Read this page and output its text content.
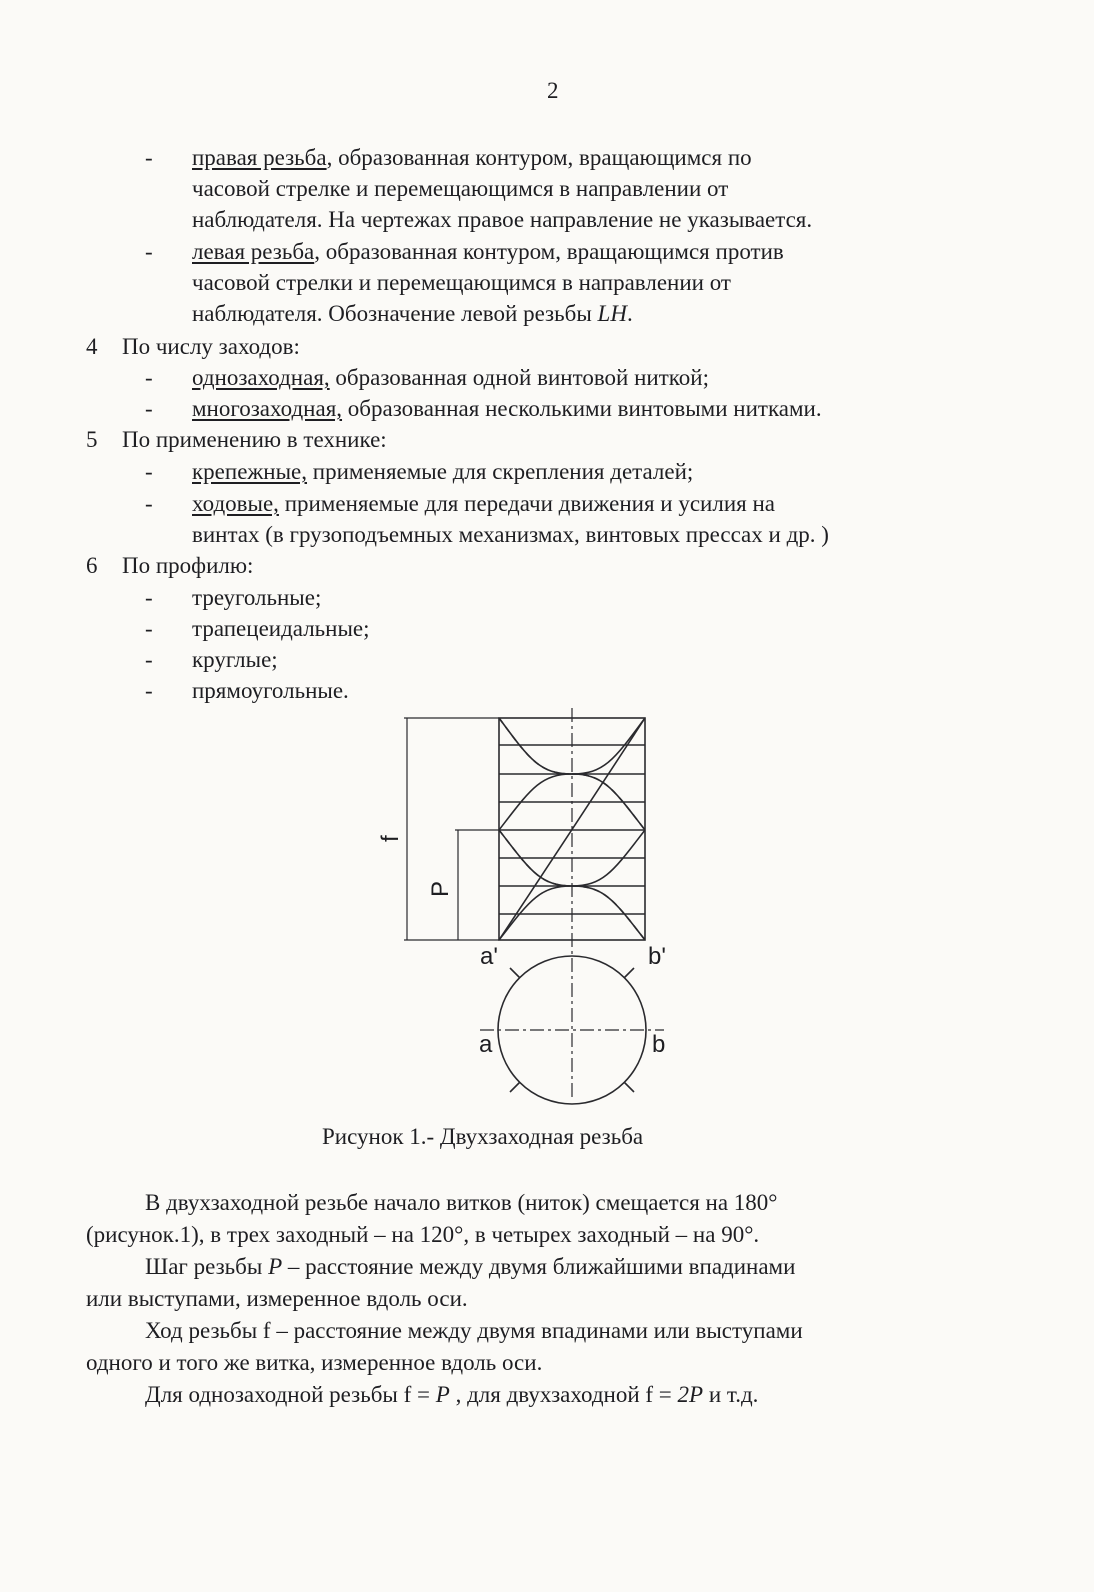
2
- правая резьба, образованная контуром, вращающимся по
часовой стрелке и перемещающимся в направлении от
наблюдателя. На чертежах правое направление не указывается.
- левая резьба, образованная контуром, вращающимся против
часовой стрелки и перемещающимся в направлении от
наблюдателя. Обозначение левой резьбы LH.
4 По числу заходов:
- однозаходная, образованная одной винтовой ниткой;
- многозаходная, образованная несколькими винтовыми нитками.
5 По применению в технике:
- крепежные, применяемые для скрепления деталей;
- ходовые, применяемые для передачи движения и усилия на
винтах (в грузоподъемных механизмах, винтовых прессах и др. )
6 По профилю:
- треугольные;
- трапецеидальные;
- круглые;
- прямоугольные.
f
P
a'	b'
a	b
Рисунок 1.- Двухзаходная резьба
В двухзаходной резьбе начало витков (ниток) смещается на 180°
(рисунок.1), в трех заходный – на 120°, в четырех заходный – на 90°.
Шаг резьбы P – расстояние между двумя ближайшими впадинами
или выступами, измеренное вдоль оси.
Ход резьбы f – расстояние между двумя впадинами или выступами
одного и того же витка, измеренное вдоль оси.
Для однозаходной резьбы f = P , для двухзаходной f = 2P и т.д.
